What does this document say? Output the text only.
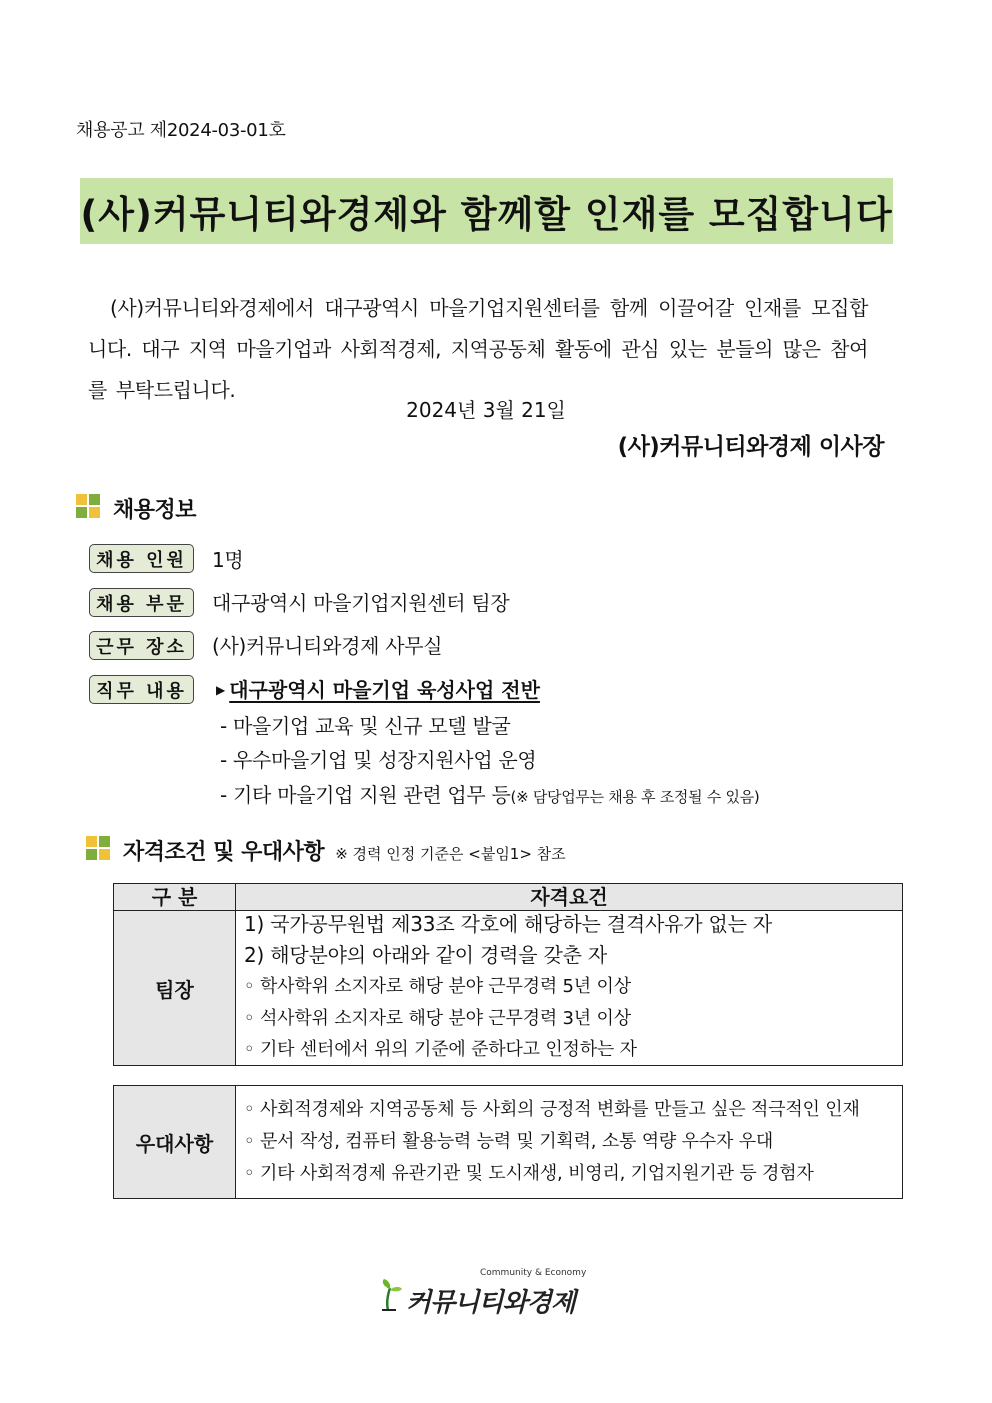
채용공고 제2024-03-01호
(사)커뮤니티와경제와 함께할 인재를 모집합니다
(사)커뮤니티와경제에서 대구광역시 마을기업지원센터를 함께 이끌어갈 인재를 모집합니다. 대구 지역 마을기업과 사회적경제, 지역공동체 활동에 관심 있는 분들의 많은 참여를 부탁드립니다.
2024년 3월 21일
(사)커뮤니티와경제 이사장
채용정보
채용 인원	1명
채용 부문	대구광역시 마을기업지원센터 팀장
근무 장소	(사)커뮤니티와경제 사무실
직무 내용	▶ 대구광역시 마을기업 육성사업 전반
- 마을기업 교육 및 신규 모델 발굴
- 우수마을기업 및 성장지원사업 운영
- 기타 마을기업 지원 관련 업무 등(※ 담당업무는 채용 후 조정될 수 있음)
자격조건 및 우대사항 ※ 경력 인정 기준은 <붙임1> 참조
구 분	자격요건
팀장	1) 국가공무원법 제33조 각호에 해당하는 결격사유가 없는 자
2) 해당분야의 아래와 같이 경력을 갖춘 자
◦ 학사학위 소지자로 해당 분야 근무경력 5년 이상
◦ 석사학위 소지자로 해당 분야 근무경력 3년 이상
◦ 기타 센터에서 위의 기준에 준하다고 인정하는 자
우대사항	
◦ 사회적경제와 지역공동체 등 사회의 긍정적 변화를 만들고 싶은 적극적인 인재
◦ 문서 작성, 컴퓨터 활용능력 능력 및 기획력, 소통 역량 우수자 우대
◦ 기타 사회적경제 유관기관 및 도시재생, 비영리, 기업지원기관 등 경험자
Community & Economy
커뮤니티와경제
